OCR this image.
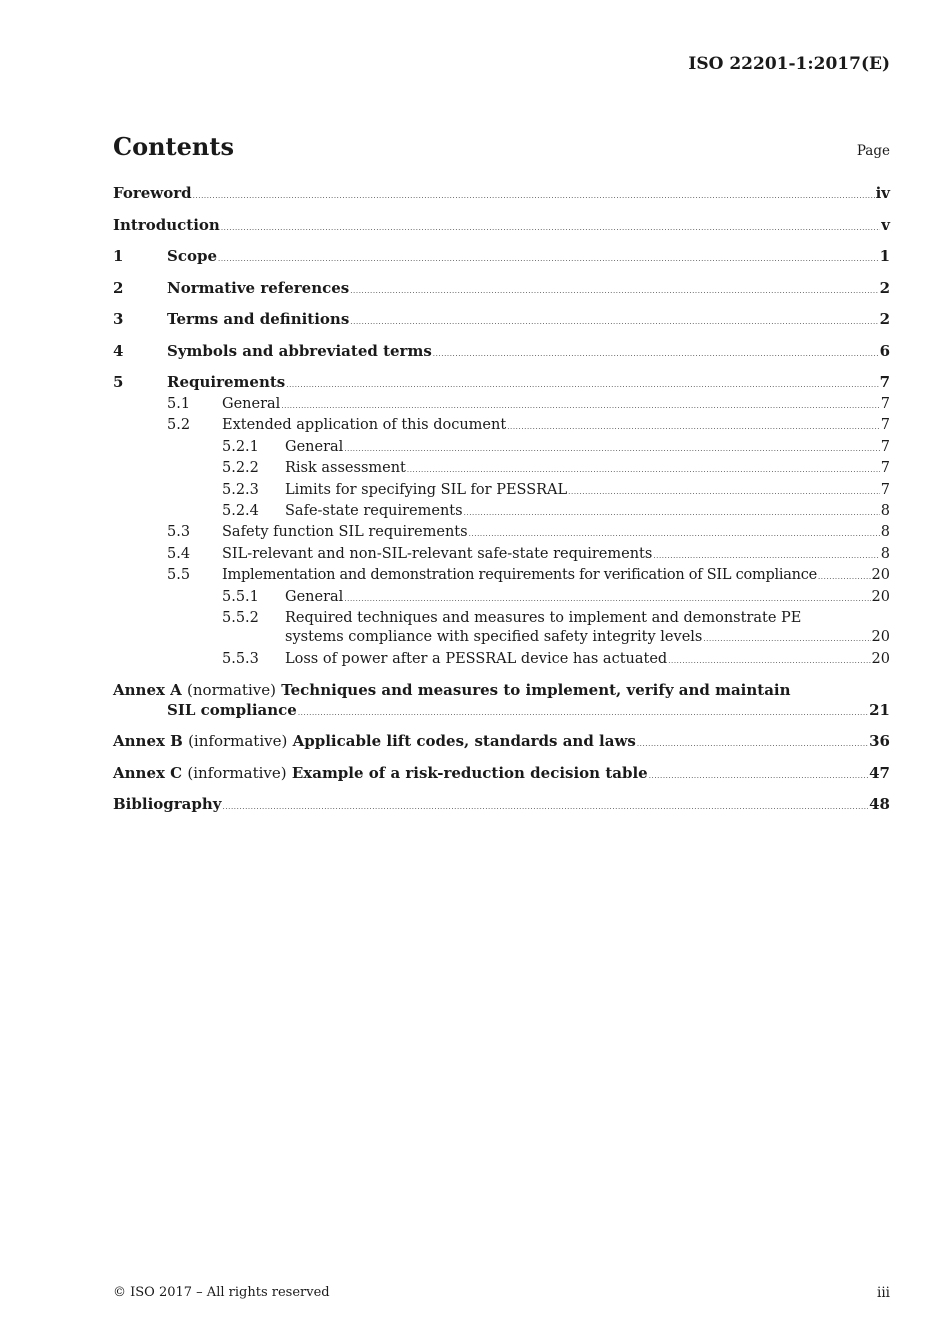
ISO 22201-1:2017(E)
Contents	Page
Foreword .....	iv
Introduction .....	v
1	Scope .....	1
2	Normative references .....	2
3	Terms and definitions .....	2
4	Symbols and abbreviated terms .....	6
5	Requirements .....	7
5.1 General .....	7
5.2 Extended application of this document .....	7
5.2.1 General .....	7
5.2.2 Risk assessment .....	7
5.2.3 Limits for specifying SIL for PESSRAL .....	7
5.2.4 Safe-state requirements .....	8
5.3 Safety function SIL requirements .....	8
5.4 SIL-relevant and non-SIL-relevant safe-state requirements .....	8
5.5 Implementation and demonstration requirements for verification of SIL compliance .....	20
5.5.1 General .....	20
5.5.2 Required techniques and measures to implement and demonstrate PE
systems compliance with specified safety integrity levels .....	20
5.5.3 Loss of power after a PESSRAL device has actuated .....	20
Annex A (normative) Techniques and measures to implement, verify and maintain
SIL compliance .....	21
Annex B
(informative)
Applicable lift codes, standards and laws .....	36
Annex C
(informative)
Example of a risk-reduction decision table .....	47
Bibliography .....	48
© ISO 2017 – All rights reserved	iii
